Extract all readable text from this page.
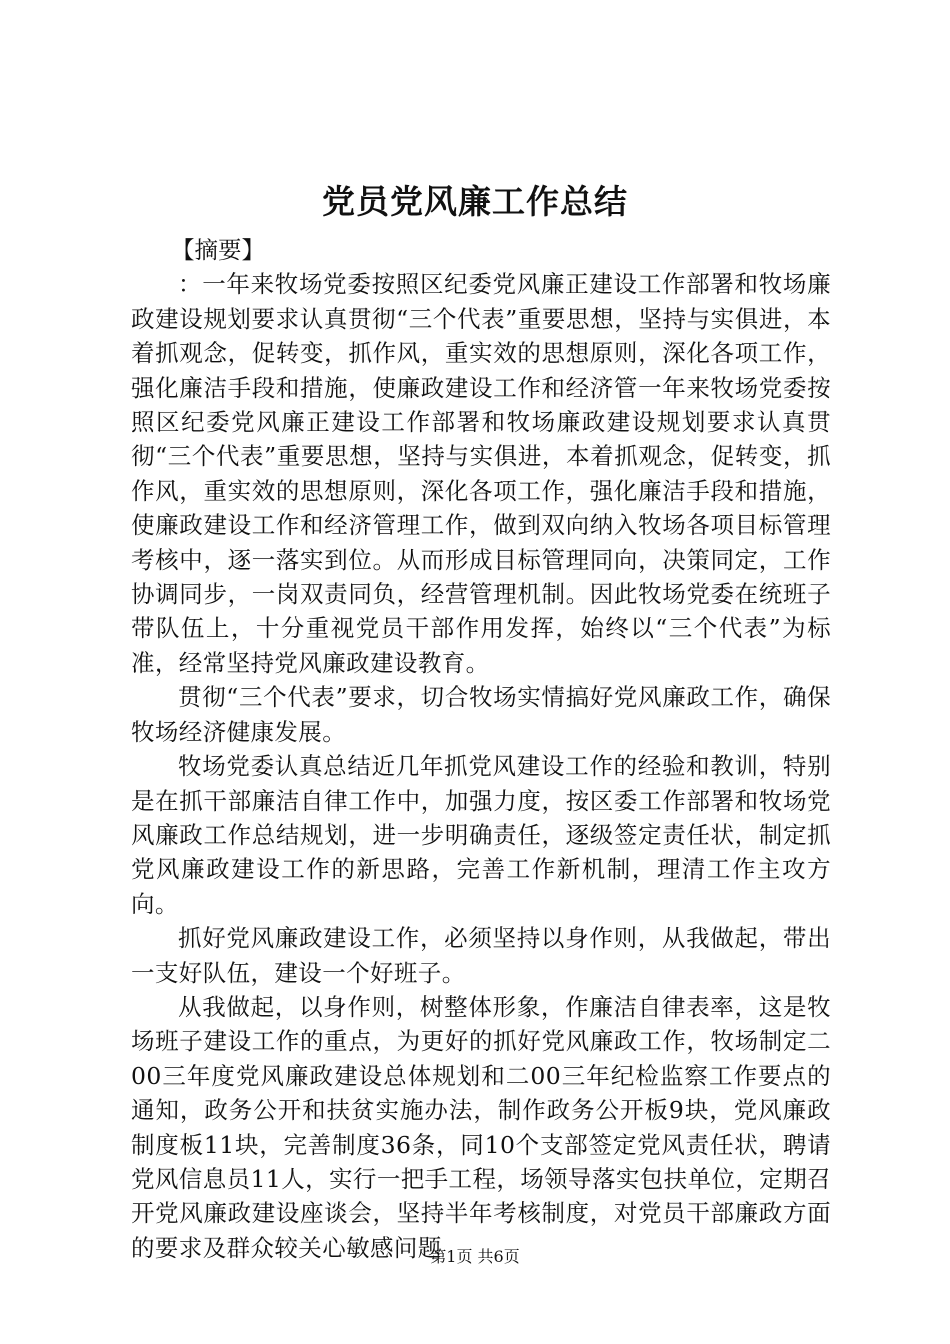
党员党风廉工作总结

【摘要】

：一年来牧场党委按照区纪委党风廉正建设工作部署和牧场廉政建设规划要求认真贯彻“三个代表”重要思想，坚持与实俱进，本着抓观念，促转变，抓作风，重实效的思想原则，深化各项工作，强化廉洁手段和措施，使廉政建设工作和经济管一年来牧场党委按照区纪委党风廉正建设工作部署和牧场廉政建设规划要求认真贯彻“三个代表”重要思想，坚持与实俱进，本着抓观念，促转变，抓作风，重实效的思想原则，深化各项工作，强化廉洁手段和措施，使廉政建设工作和经济管理工作，做到双向纳入牧场各项目标管理考核中，逐一落实到位。从而形成目标管理同向，决策同定，工作协调同步，一岗双责同负，经营管理机制。因此牧场党委在统班子带队伍上，十分重视党员干部作用发挥，始终以“三个代表”为标准，经常坚持党风廉政建设教育。

贯彻“三个代表”要求，切合牧场实情搞好党风廉政工作，确保牧场经济健康发展。

牧场党委认真总结近几年抓党风建设工作的经验和教训，特别是在抓干部廉洁自律工作中，加强力度，按区委工作部署和牧场党风廉政工作总结规划，进一步明确责任，逐级签定责任状，制定抓党风廉政建设工作的新思路，完善工作新机制，理清工作主攻方向。

抓好党风廉政建设工作，必须坚持以身作则，从我做起，带出一支好队伍，建设一个好班子。

从我做起，以身作则，树整体形象，作廉洁自律表率，这是牧场班子建设工作的重点，为更好的抓好党风廉政工作，牧场制定二00三年度党风廉政建设总体规划和二00三年纪检监察工作要点的通知，政务公开和扶贫实施办法，制作政务公开板9块，党风廉政制度板11块，完善制度36条，同10个支部签定党风责任状，聘请党风信息员11人，实行一把手工程，场领导落实包扶单位，定期召开党风廉政建设座谈会，坚持半年考核制度，对党员干部廉政方面的要求及群众较关心敏感问题

第1页 共6页
